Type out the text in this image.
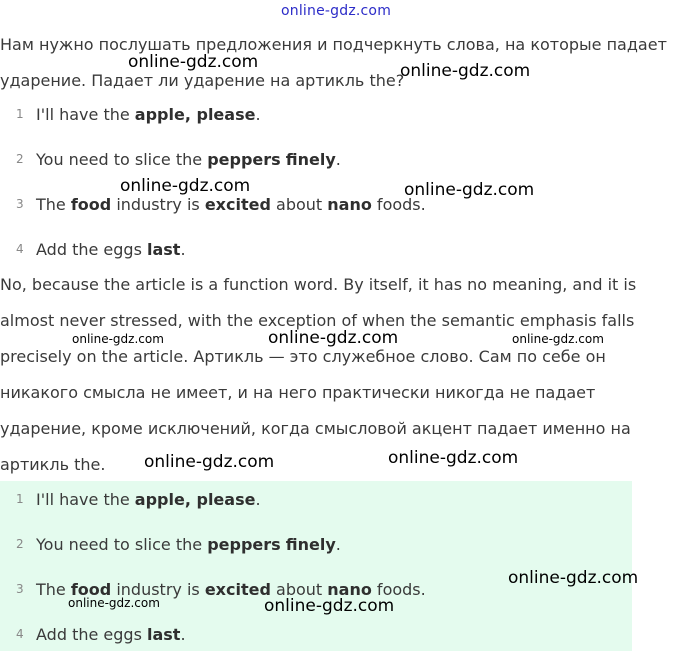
online-gdz.com
Нам нужно послушать предложения и подчеркнуть слова, на которые падает
ударение. Падает ли ударение на артикль the?
1 I'll have the apple, please.
2 You need to slice the peppers finely.
3 The food industry is excited about nano foods.
4 Add the eggs last.
No, because the article is a function word. By itself, it has no meaning, and it is
almost never stressed, with the exception of when the semantic emphasis falls
precisely on the article. Артикль — это служебное слово. Сам по себе он
никакого смысла не имеет, и на него практически никогда не падает
ударение, кроме исключений, когда смысловой акцент падает именно на
артикль the.
1 I'll have the apple, please.
2 You need to slice the peppers finely.
3 The food industry is excited about nano foods.
4 Add the eggs last.
online-gdz.com	online-gdz.com
online-gdz.com	online-gdz.com
online-gdz.com	online-gdz.com	online-gdz.com
online-gdz.com	online-gdz.com
online-gdz.com
online-gdz.com	online-gdz.com
